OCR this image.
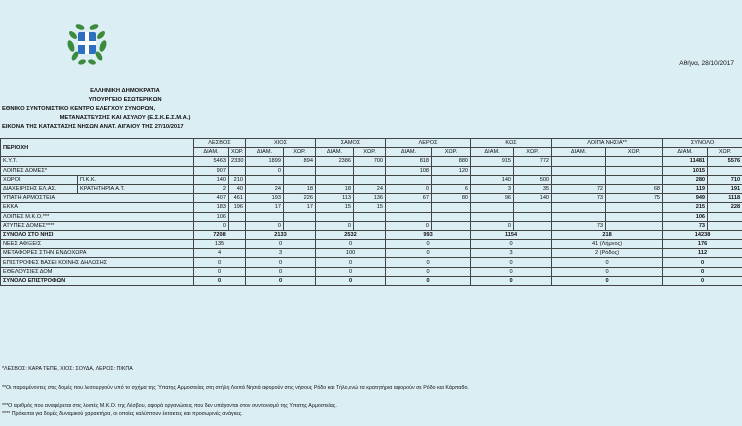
ΕΛΛΗΝΙΚΗ ΔΗΜΟΚΡΑΤΙΑ
ΥΠΟΥΡΓΕΙΟ ΕΣΩΤΕΡΙΚΩΝ
ΕΘΝΙΚΟ ΣΥΝΤΟΝΙΣΤΙΚΟ ΚΕΝΤΡΟ ΕΛΕΓΧΟΥ ΣΥΝΟΡΩΝ,
ΜΕΤΑΝΑΣΤΕΥΣΗΣ ΚΑΙ ΑΣΥΛΟΥ (Ε.Σ.Κ.Ε.Σ.Μ.Α.)
ΕΙΚΟΝΑ ΤΗΣ ΚΑΤΑΣΤΑΣΗΣ ΝΗΣΩΝ ΑΝΑΤ. ΑΙΓΑΙΟΥ ΤΗΣ 27/10/2017
Αθήνα, 28/10/2017
ΠΕΡΙΟΧΗ		ΛΕΣΒΟΣ		ΧΙΟΣ		ΣΑΜΟΣ		ΛΕΡΟΣ		ΚΩΣ		ΛΟΙΠΑ ΝΗΣΙΑ**		ΣΥΝΟΛΟ	
		ΔΙΑΜ.	ΧΩΡ.	ΔΙΑΜ.	ΧΩΡ.	ΔΙΑΜ.	ΧΩΡ.	ΔΙΑΜ.	ΧΩΡ.	ΔΙΑΜ.	ΧΩΡ.	ΔΙΑΜ.	ΧΩΡ.	ΔΙΑΜ.	ΧΩΡ.
Κ.Υ.Τ.		5463	2330	1899	894	2386	700	818	880	915	772			11481	5576
ΛΟΙΠΕΣ ΔΟΜΕΣ*		907		0				108	120					1015	
ΧΩΡΟΙ	Π.Κ.Κ.	140	210							140	500			280	710
ΔΙΑΧΕΙΡΙΣΗΣ ΕΛ.ΑΣ.	ΚΡΑΤΗΤΗΡΙΑ Α.Τ.	2	40	24	18	18	24	0	6	3	35	72	68	119	191
ΥΠΑΤΗ ΑΡΜΟΣΤΕΙΑ		407	461	193	226	113	136	67	80	96	140	73	75	949	1118
ΕΚΚΑ		183	196	17	17	15	15							215	228
ΛΟΙΠΕΣ Μ.Κ.Ο.***		106												106	
ΑΤΥΠΕΣ ΔΟΜΕΣ****		0		0		0		0		0		73		73	
ΣΥΝΟΛΟ ΣΤΟ ΝΗΣΙ		7208		2133		2532		993		1154		218		14238	
ΝΕΕΣ ΑΦΙΞΕΙΣ		135		0		0		0		0		41 (Λήμνος)		176	
ΜΕΤΑΦΟΡΕΣ ΣΤΗΝ ΕΝΔΟΧΩΡΑ		4		3		100		0		3		2 (Ρόδος)		112	
ΕΠΙΣΤΡΟΦΕΣ ΒΑΣΕΙ ΚΟΙΝΗΣ ΔΗΛΩΣΗΣ		0		0		0		0		0		0		0	
ΕΘΕΛΟΥΣΙΕΣ ΔΟΜ		0		0		0		0		0		0		0	
ΣΥΝΟΛΟ ΕΠΙΣΤΡΟΦΩΝ		0		0		0		0		0		0		0	
*ΛΕΣΒΟΣ: ΚΑΡΑ ΤΕΠΕ, ΧΙΟΣ: ΣΟΥΔΑ, ΛΕΡΟΣ: ΠΙΚΠΑ
**Οι παραμένοντες στις δομές που λειτουργούν υπό το σχήμα της Ύπατης Αρμοστείας στη στήλη Λοιπά Νησιά αφορούν στις νήσους Ρόδο και Τήλο,ενώ τα κρατητήρια αφορούν σε Ρόδο και Κάρπαθο.
***Ο αριθμός που αναφέρεται στις λοιπές Μ.Κ.Ο. της Λέσβου, αφορά οργανώσεις που δεν υπάγονται στον συντονισμό της Υπατης Αρμοστείας.
**** Πρόκειται για δομές δυναμικού χαρακτήρα, οι οποίες καλύπτουν έκτακτες και προσωρινές ανάγκες.
